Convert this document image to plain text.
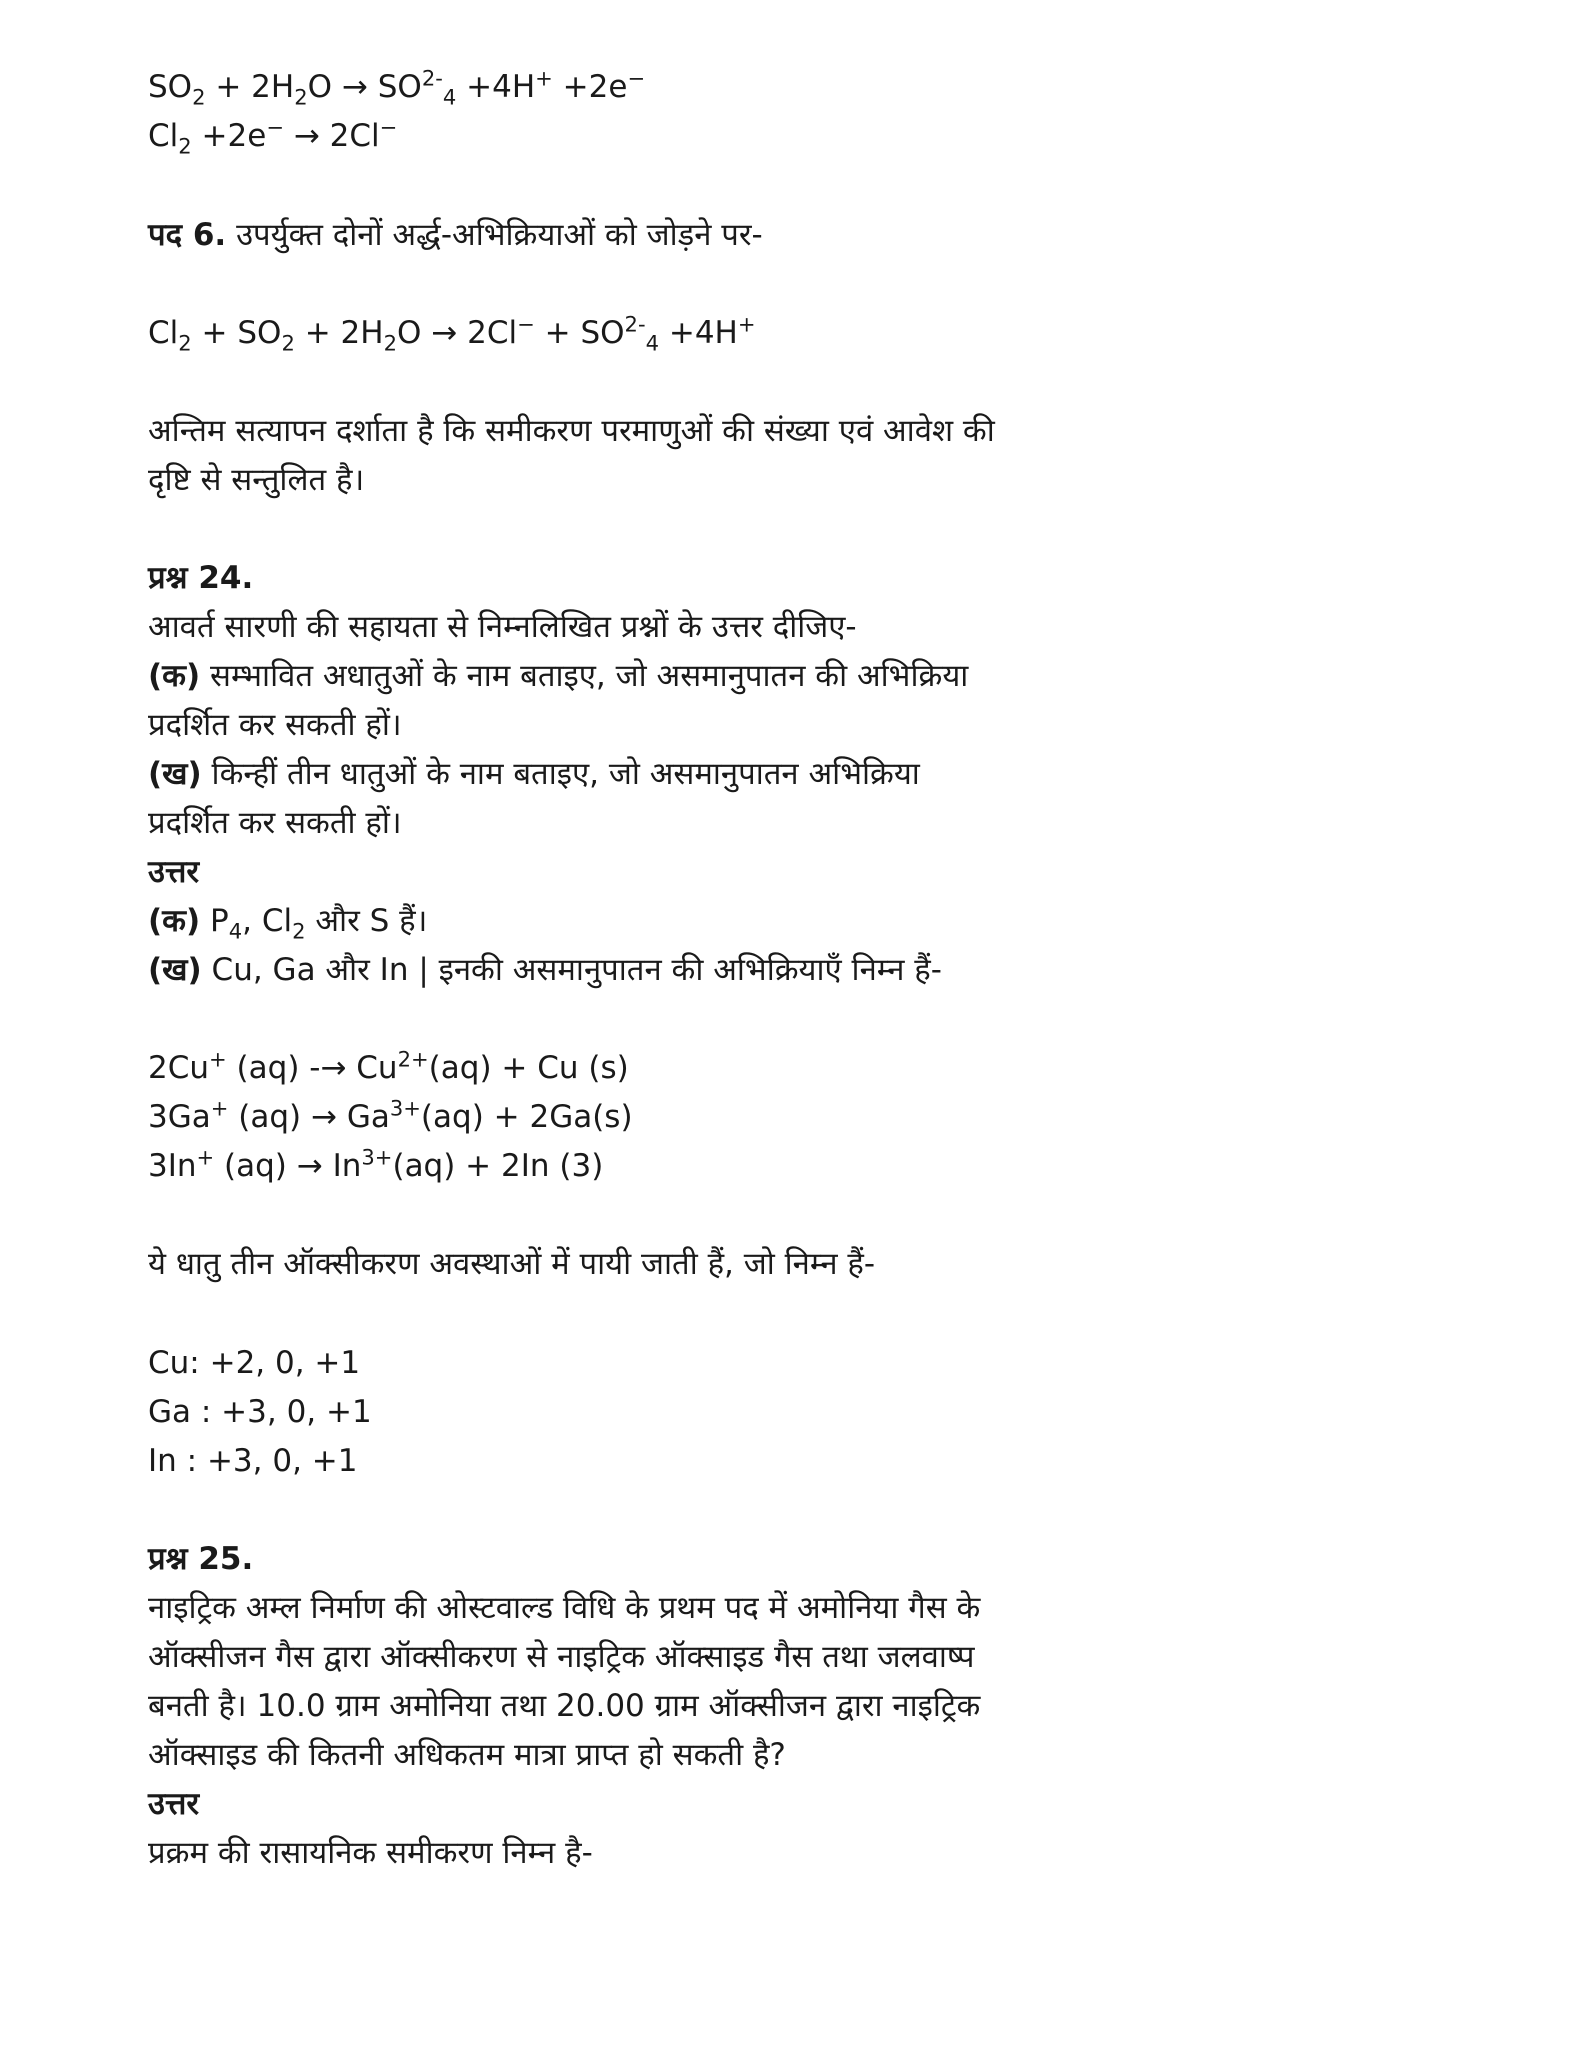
$SO_2 + 2H_2O \to SO^{2-}_4 +4H^+ +2e^-$
$Cl_2 +2e^- \to 2Cl^-$
पद 6. उपर्युक्त दोनों अर्द्ध-अभिक्रियाओं को जोड़ने पर-
$Cl_2 + SO_2 + 2H_2O \to 2Cl^- + SO^{2-}_4 +4H^+$
अन्तिम सत्यापन दर्शाता है कि समीकरण परमाणुओं की संख्या एवं आवेश की
दृष्टि से सन्तुलित है।
प्रश्न 24.
आवर्त सारणी की सहायता से निम्नलिखित प्रश्नों के उत्तर दीजिए-
(क) सम्भावित अधातुओं के नाम बताइए, जो असमानुपातन की अभिक्रिया
प्रदर्शित कर सकती हों।
(ख) किन्हीं तीन धातुओं के नाम बताइए, जो असमानुपातन अभिक्रिया
प्रदर्शित कर सकती हों।
उत्तर
(क) $P_4$, $Cl_2$ और S हैं।
(ख) Cu, Ga और In | इनकी असमानुपातन की अभिक्रियाएँ निम्न हैं-
2Cu+ $(aq) -\to Cu^{2+}(aq) + Cu$ (s)
3Ga+ $(aq) \to Ga^{3+}(aq) + 2Ga(s)$
3In+ $(aq) \to In^{3+}(aq) + 2In$ (3)
ये धातु तीन ऑक्सीकरण अवस्थाओं में पायी जाती हैं, जो निम्न हैं-
Cu: +2, 0, +1
Ga : +3, 0, +1
In : +3, 0, +1
प्रश्न 25.
नाइट्रिक अम्ल निर्माण की ओस्टवाल्ड विधि के प्रथम पद में अमोनिया गैस के
ऑक्सीजन गैस द्वारा ऑक्सीकरण से नाइट्रिक ऑक्साइड गैस तथा जलवाष्प
बनती है। 10.0 ग्राम अमोनिया तथा 20.00 ग्राम ऑक्सीजन द्वारा नाइट्रिक
ऑक्साइड की कितनी अधिकतम मात्रा प्राप्त हो सकती है?
उत्तर
प्रक्रम की रासायनिक समीकरण निम्न है-
